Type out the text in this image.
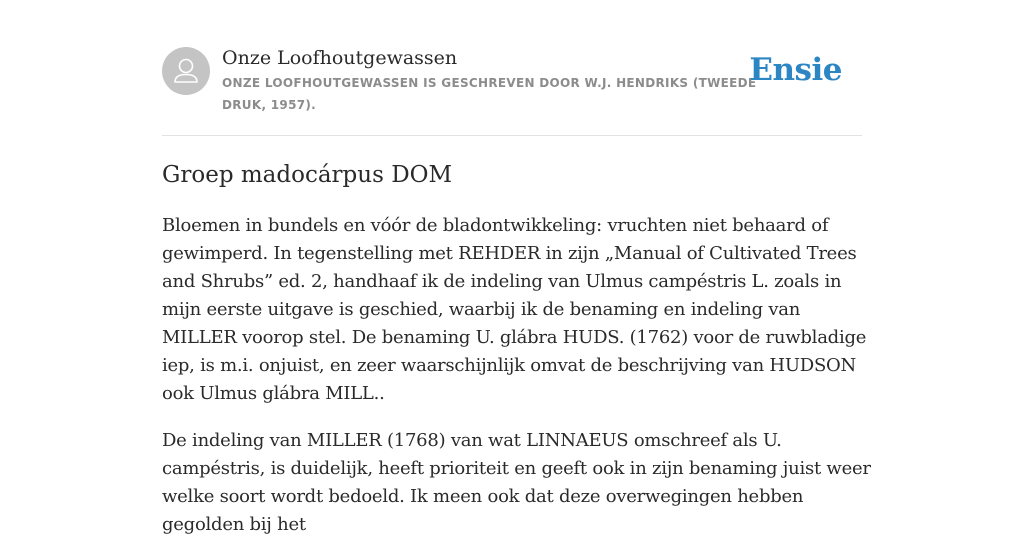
Onze Loofhoutgewassen
ONZE LOOFHOUTGEWASSEN IS GESCHREVEN DOOR W.J. HENDRIKS (TWEEDE DRUK, 1957).
Ensie
Groep madocárpus DOM

Bloemen in bundels en vóór de bladontwikkeling: vruchten niet behaard of gewimperd. In tegenstelling met REHDER in zijn „Manual of Cultivated Trees and Shrubs” ed. 2, handhaaf ik de indeling van Ulmus campéstris L. zoals in mijn eerste uitgave is geschied, waarbij ik de benaming en indeling van MILLER voorop stel. De benaming U. glábra HUDS. (1762) voor de ruwbladige iep, is m.i. onjuist, en zeer waarschijnlijk omvat de beschrijving van HUDSON ook Ulmus glábra MILL..

De indeling van MILLER (1768) van wat LINNAEUS omschreef als U. campéstris, is duidelijk, heeft prioriteit en geeft ook in zijn benaming juist weer welke soort wordt bedoeld. Ik meen ook dat deze overwegingen hebben gegolden bij het
